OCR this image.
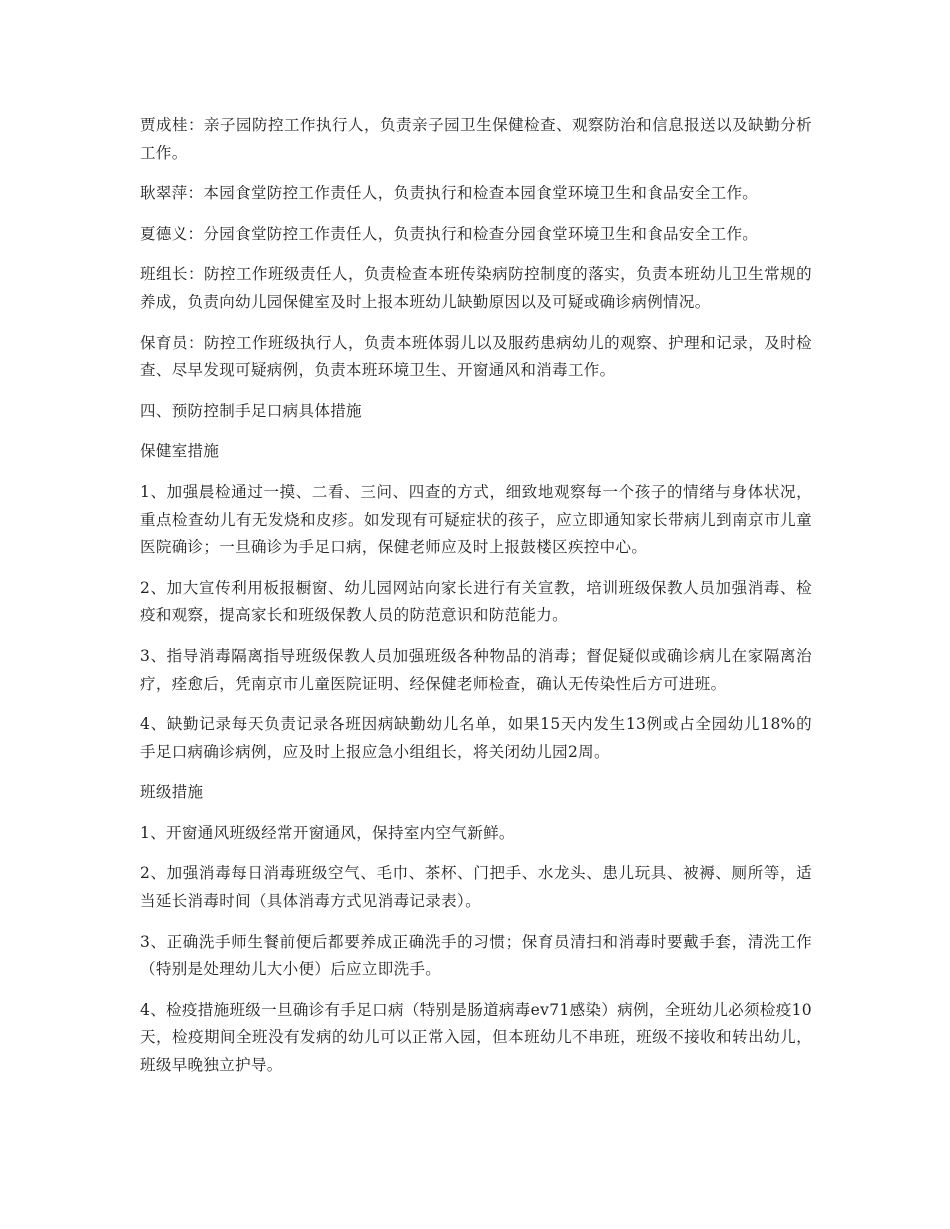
贾成桂：亲子园防控工作执行人，负责亲子园卫生保健检查、观察防治和信息报送以及缺勤分析工作。

耿翠萍：本园食堂防控工作责任人，负责执行和检查本园食堂环境卫生和食品安全工作。

夏德义：分园食堂防控工作责任人，负责执行和检查分园食堂环境卫生和食品安全工作。

班组长：防控工作班级责任人，负责检查本班传染病防控制度的落实，负责本班幼儿卫生常规的养成，负责向幼儿园保健室及时上报本班幼儿缺勤原因以及可疑或确诊病例情况。

保育员：防控工作班级执行人，负责本班体弱儿以及服药患病幼儿的观察、护理和记录，及时检查、尽早发现可疑病例，负责本班环境卫生、开窗通风和消毒工作。

四、预防控制手足口病具体措施

保健室措施

1、加强晨检通过一摸、二看、三问、四查的方式，细致地观察每一个孩子的情绪与身体状况，重点检查幼儿有无发烧和皮疹。如发现有可疑症状的孩子，应立即通知家长带病儿到南京市儿童医院确诊；一旦确诊为手足口病，保健老师应及时上报鼓楼区疾控中心。

2、加大宣传利用板报橱窗、幼儿园网站向家长进行有关宣教，培训班级保教人员加强消毒、检疫和观察，提高家长和班级保教人员的防范意识和防范能力。

3、指导消毒隔离指导班级保教人员加强班级各种物品的消毒；督促疑似或确诊病儿在家隔离治疗，痊愈后，凭南京市儿童医院证明、经保健老师检查，确认无传染性后方可进班。

4、缺勤记录每天负责记录各班因病缺勤幼儿名单，如果15天内发生13例或占全园幼儿18%的手足口病确诊病例，应及时上报应急小组组长，将关闭幼儿园2周。

班级措施

1、开窗通风班级经常开窗通风，保持室内空气新鲜。

2、加强消毒每日消毒班级空气、毛巾、茶杯、门把手、水龙头、患儿玩具、被褥、厕所等，适当延长消毒时间（具体消毒方式见消毒记录表）。

3、正确洗手师生餐前便后都要养成正确洗手的习惯；保育员清扫和消毒时要戴手套，清洗工作（特别是处理幼儿大小便）后应立即洗手。

4、检疫措施班级一旦确诊有手足口病（特别是肠道病毒ev71感染）病例，全班幼儿必须检疫10天，检疫期间全班没有发病的幼儿可以正常入园，但本班幼儿不串班，班级不接收和转出幼儿，班级早晚独立护导。
